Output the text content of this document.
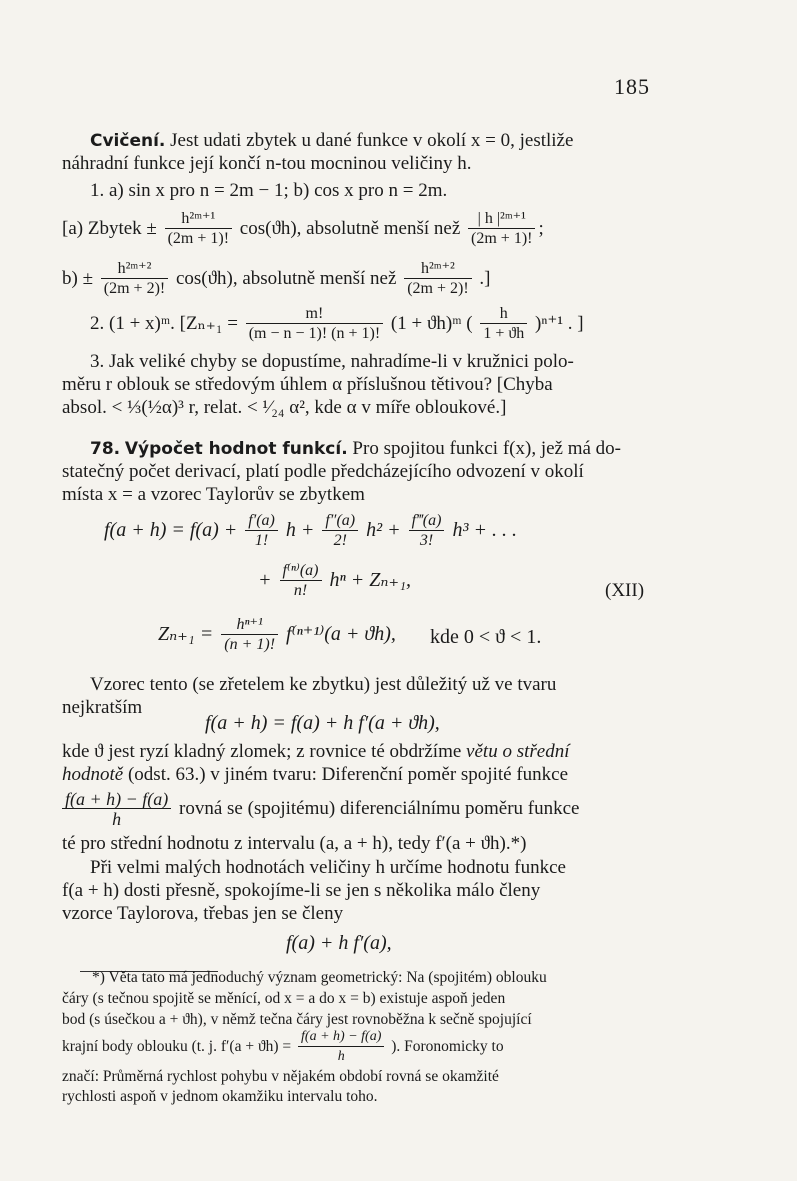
185
Cvičení. Jest udati zbytek u dané funkce v okolí x = 0, jestliže
náhradní funkce její končí n-tou mocninou veličiny h.
1. a) sin x pro n = 2m − 1; b) cos x pro n = 2m.
[a) Zbytek ± $\frac{\text{h²ᵐ⁺¹}}{(2m + 1)!} \cos(ϑh)$, absolutně menší než $\frac{\text{| h |²ᵐ⁺¹}}{(2m + 1)!}$ ;
$b) \pm \frac{\text{h²ᵐ⁺²}}{(2m + 2)!} \cos(ϑh)$, absolutně menší než $\frac{\text{h²ᵐ⁺²}}{(2m + 2)!}$ .]
2. (1 + x)ᵐ. [$Z_{n+1} = \frac{m!}{(m - n - 1)! (n + 1)!} (1$ + ϑh)ᵐ ( $\frac{h}{1 + ϑh} )^{n+1}$ . ]
3. Jak veliké chyby se dopustíme, nahradíme-li v kružnici polo-
měru r oblouk se středovým úhlem α příslušnou tětivou? [Chyba
absol. < ⅓(½α)³ r, relat. < ¹⁄₂₄ α², kde α v míře obloukové.]
78. Výpočet hodnot funkcí. Pro spojitou funkci f(x), jež má do-
statečný počet derivací, platí podle předcházejícího odvození v okolí
místa x = a vzorec Taylorův se zbytkem
$f(a + h) = f(a) + \frac{f'(a)}{1!}$ $h + \frac{f''(a)}{2!} h^2 + \frac{f‴(a)}{3!} h^3$ + . . .
+ $\frac{\text{f⁽ⁿ⁾(a)}}{n!}$ hⁿ + Zₙ₊₁,	(XII)
$Z_{n+1} = \frac{\text{hⁿ⁺¹}}{(n + 1)!} f^{(n+1)}(a + ϑh)$, kde 0 < ϑ < 1.
Vzorec tento (se zřetelem ke zbytku) jest důležitý už ve tvaru
nejkratším
f(a + h) = f(a) + h f′(a + ϑh),
kde ϑ jest ryzí kladný zlomek; z rovnice té obdržíme větu o střední
hodnotě (odst. 63.) v jiném tvaru: Diferenční poměr spojité funkce
$\frac{f(a + h) - f(a)}{h}$ rovná se (spojitému) diferenciálnímu poměru funkce
té pro střední hodnotu z intervalu (a, a + h), tedy f′(a + ϑh).*)
Při velmi malých hodnotách veličiny h určíme hodnotu funkce
f(a + h) dosti přesně, spokojíme-li se jen s několika málo členy
vzorce Taylorova, třebas jen se členy
f(a) + h f′(a),
*) Věta tato má jednoduchý význam geometrický: Na (spojitém) oblouku
čáry (s tečnou spojitě se měnící, od x = a do x = b) existuje aspoň jeden
bod (s úsečkou a + ϑh), v němž tečna čáry jest rovnoběžna k sečně spojující
krajní body oblouku (t. j. $f'(a + ϑh) = \frac{f(a + h) - f(a)}{h}$ ). Foronomicky to
značí: Průměrná rychlost pohybu v nějakém období rovná se okamžité
rychlosti aspoň v jednom okamžiku intervalu toho.
